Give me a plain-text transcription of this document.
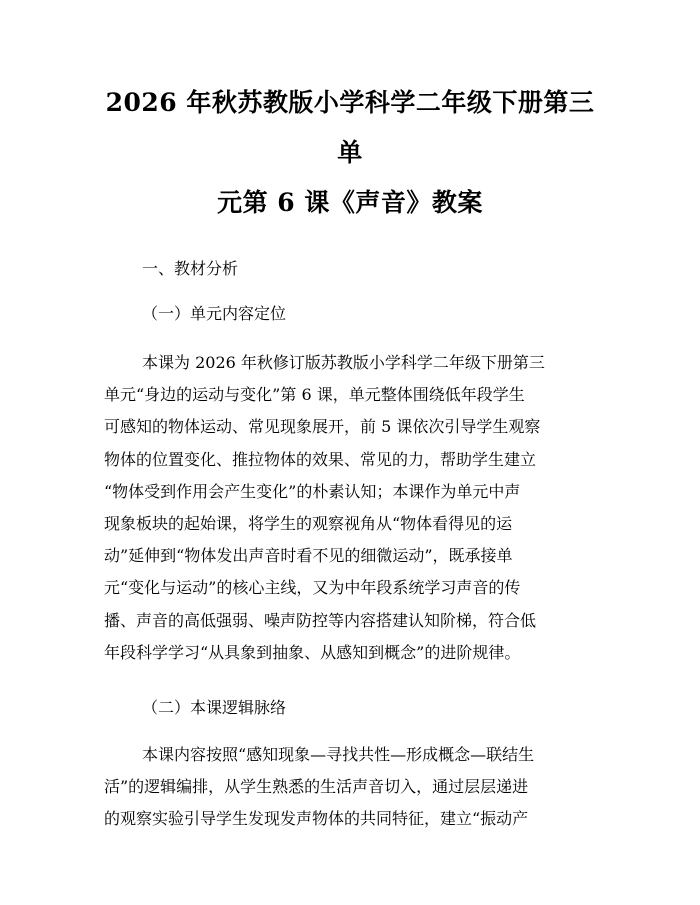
2026 年秋苏教版小学科学二年级下册第三单
元第 6 课《声音》教案

一、教材分析

（一）单元内容定位

本课为 2026 年秋修订版苏教版小学科学二年级下册第三
单元“身边的运动与变化”第 6 课，单元整体围绕低年段学生
可感知的物体运动、常见现象展开，前 5 课依次引导学生观察
物体的位置变化、推拉物体的效果、常见的力，帮助学生建立
“物体受到作用会产生变化”的朴素认知；本课作为单元中声
现象板块的起始课，将学生的观察视角从“物体看得见的运
动”延伸到“物体发出声音时看不见的细微运动”，既承接单
元“变化与运动”的核心主线，又为中年段系统学习声音的传
播、声音的高低强弱、噪声防控等内容搭建认知阶梯，符合低
年段科学学习“从具象到抽象、从感知到概念”的进阶规律。

（二）本课逻辑脉络

本课内容按照“感知现象—寻找共性—形成概念—联结生
活”的逻辑编排，从学生熟悉的生活声音切入，通过层层递进
的观察实验引导学生发现发声物体的共同特征，建立“振动产
